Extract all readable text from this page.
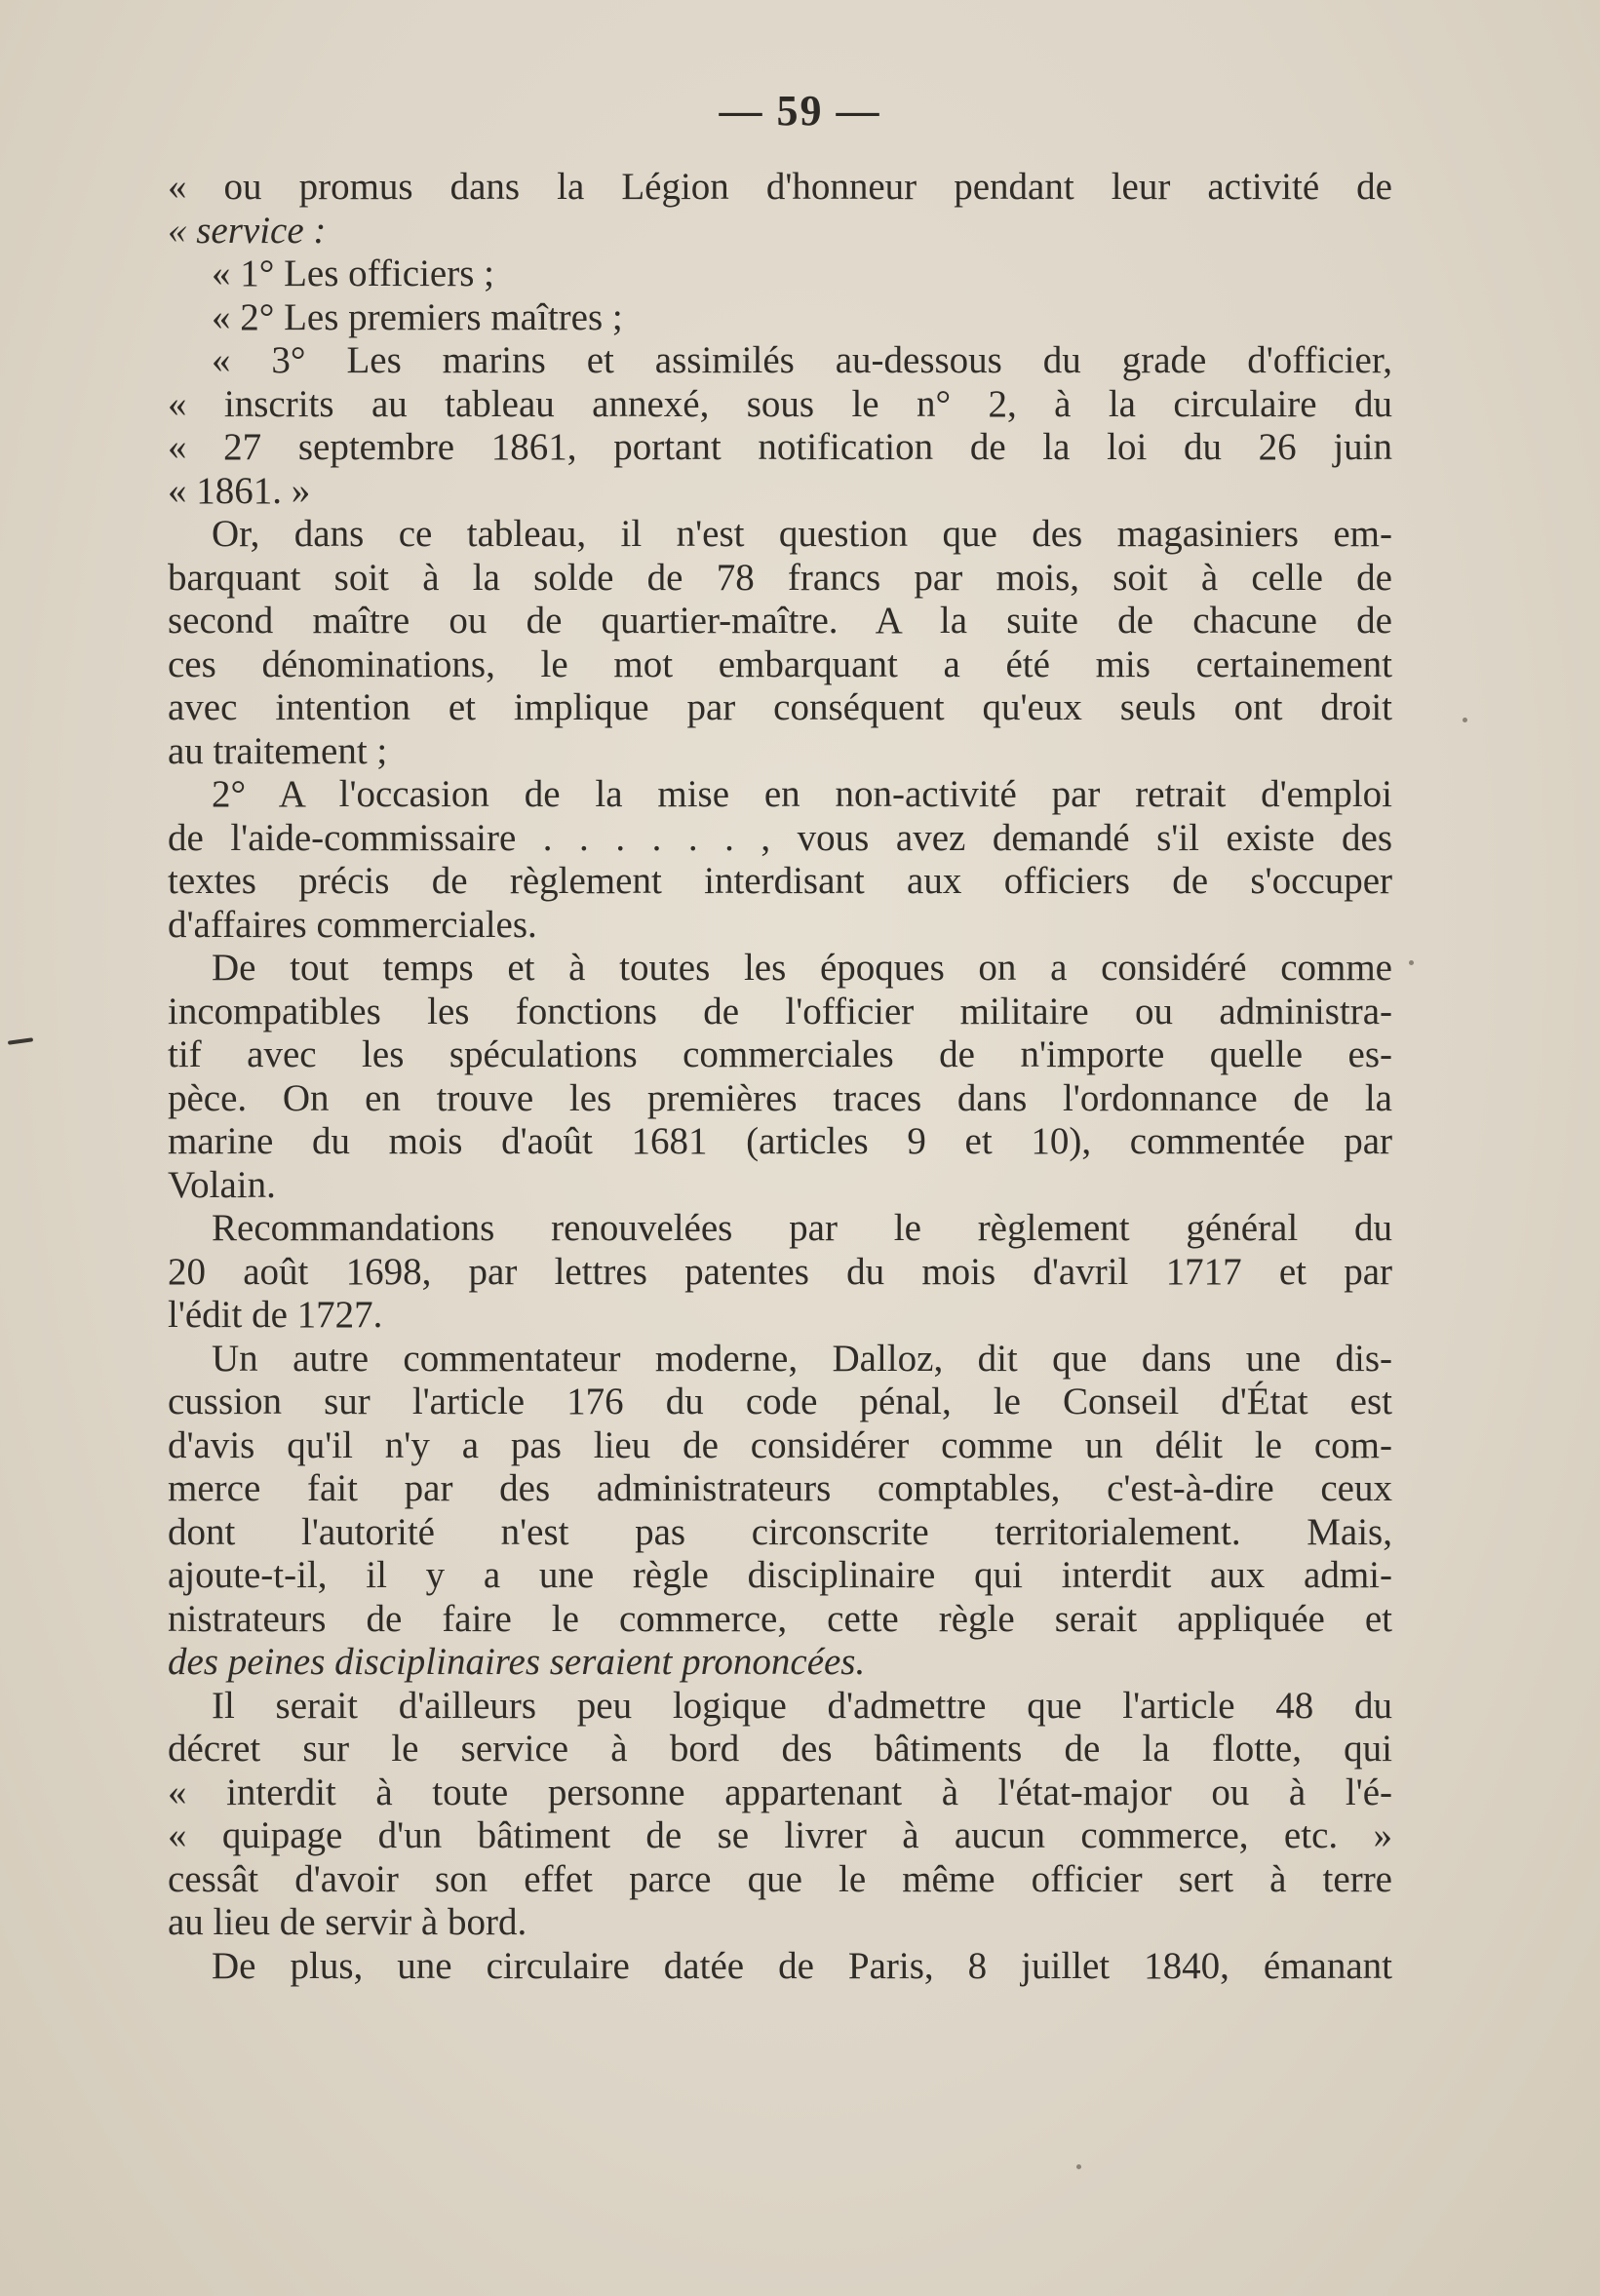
— 59 —
« ou promus dans la Légion d'honneur pendant leur activité de
« service :
« 1° Les officiers ;
« 2° Les premiers maîtres ;
« 3° Les marins et assimilés au-dessous du grade d'officier,
« inscrits au tableau annexé, sous le n° 2, à la circulaire du
« 27 septembre 1861, portant notification de la loi du 26 juin
« 1861. »
Or, dans ce tableau, il n'est question que des magasiniers em-
barquant soit à la solde de 78 francs par mois, soit à celle de
second maître ou de quartier-maître. A la suite de chacune de
ces dénominations, le mot embarquant a été mis certainement
avec intention et implique par conséquent qu'eux seuls ont droit
au traitement ;
2° A l'occasion de la mise en non-activité par retrait d'emploi
de l'aide-commissaire . . . . . . , vous avez demandé s'il existe des
textes précis de règlement interdisant aux officiers de s'occuper
d'affaires commerciales.
De tout temps et à toutes les époques on a considéré comme
incompatibles les fonctions de l'officier militaire ou administra-
tif avec les spéculations commerciales de n'importe quelle es-
pèce. On en trouve les premières traces dans l'ordonnance de la
marine du mois d'août 1681 (articles 9 et 10), commentée par
Volain.
Recommandations renouvelées par le règlement général du
20 août 1698, par lettres patentes du mois d'avril 1717 et par
l'édit de 1727.
Un autre commentateur moderne, Dalloz, dit que dans une dis-
cussion sur l'article 176 du code pénal, le Conseil d'État est
d'avis qu'il n'y a pas lieu de considérer comme un délit le com-
merce fait par des administrateurs comptables, c'est-à-dire ceux
dont l'autorité n'est pas circonscrite territorialement. Mais,
ajoute-t-il, il y a une règle disciplinaire qui interdit aux admi-
nistrateurs de faire le commerce, cette règle serait appliquée et
des peines disciplinaires seraient prononcées.
Il serait d'ailleurs peu logique d'admettre que l'article 48 du
décret sur le service à bord des bâtiments de la flotte, qui
« interdit à toute personne appartenant à l'état-major ou à l'é-
« quipage d'un bâtiment de se livrer à aucun commerce, etc. »
cessât d'avoir son effet parce que le même officier sert à terre
au lieu de servir à bord.
De plus, une circulaire datée de Paris, 8 juillet 1840, émanant
